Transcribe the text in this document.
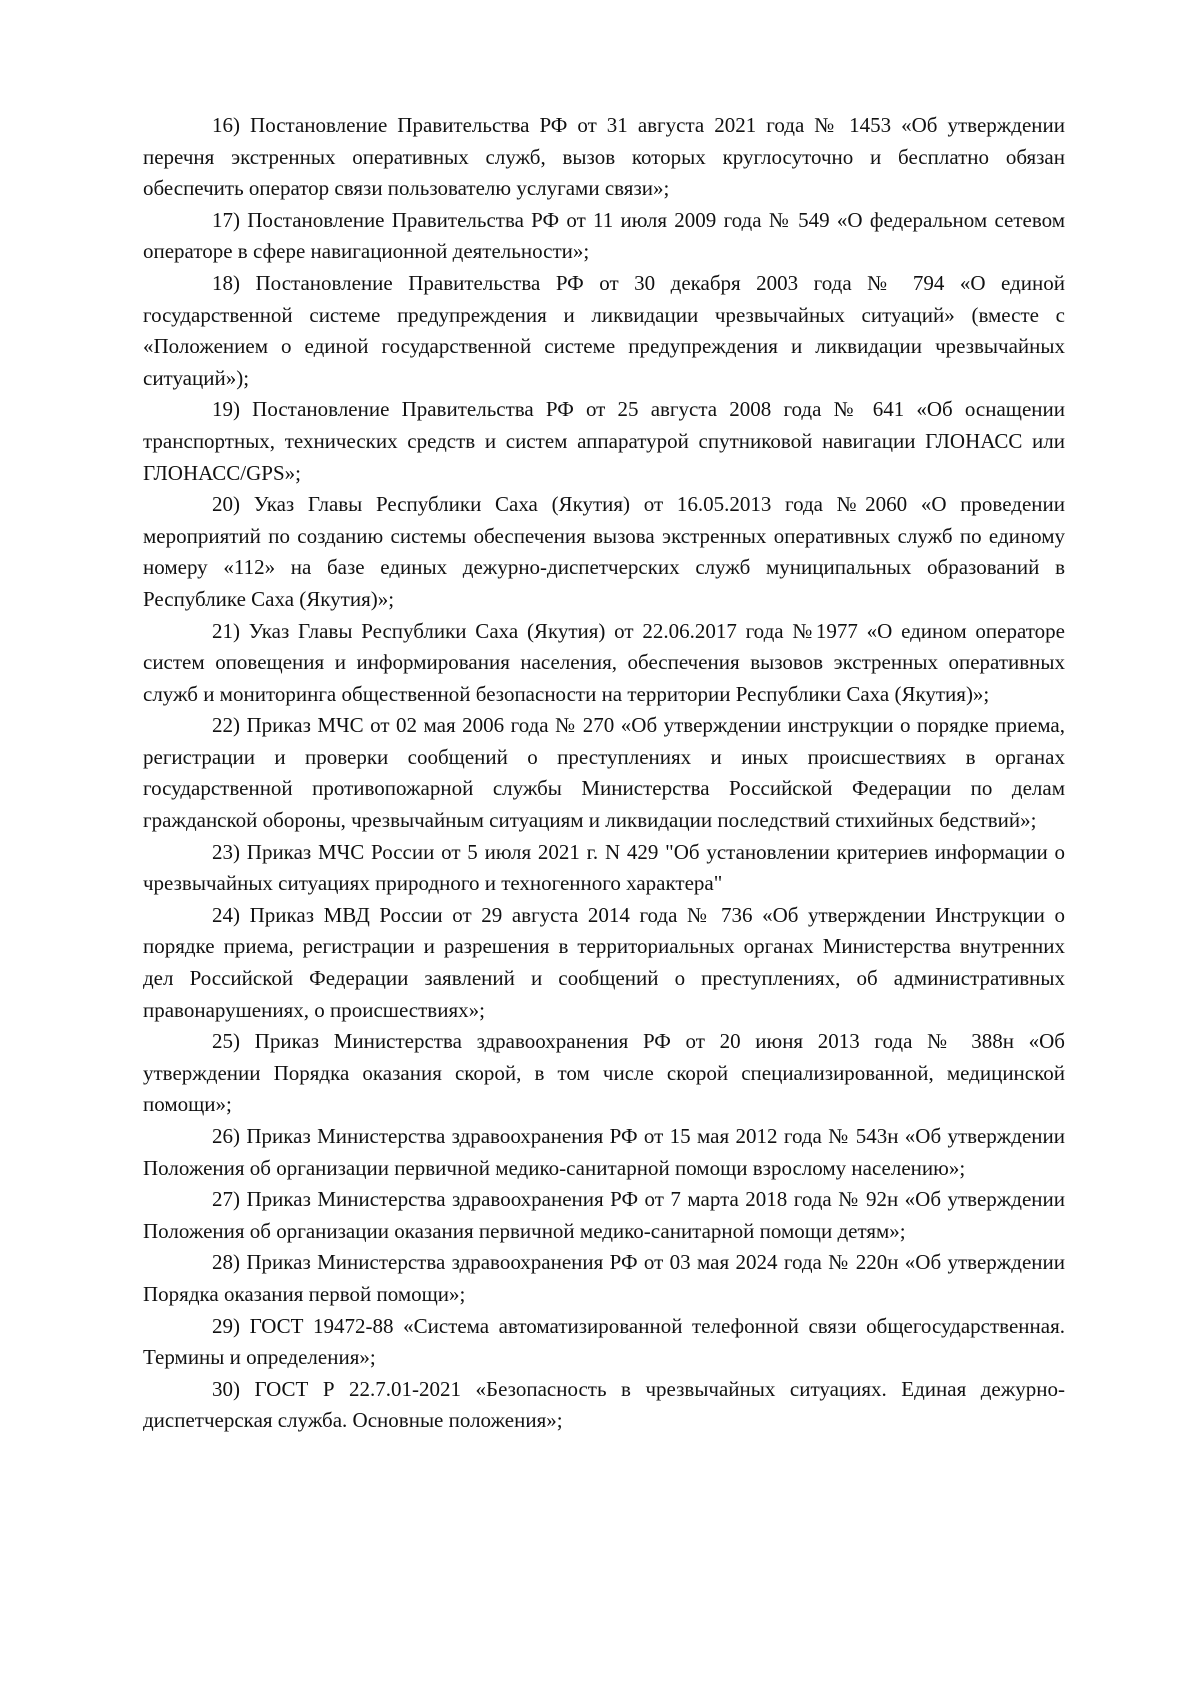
16) Постановление Правительства РФ от 31 августа 2021 года № 1453 «Об утверждении перечня экстренных оперативных служб, вызов которых круглосуточно и бесплатно обязан обеспечить оператор связи пользователю услугами связи»;

17) Постановление Правительства РФ от 11 июля 2009 года № 549 «О федеральном сетевом операторе в сфере навигационной деятельности»;

18) Постановление Правительства РФ от 30 декабря 2003 года № 794 «О единой государственной системе предупреждения и ликвидации чрезвычайных ситуаций» (вместе с «Положением о единой государственной системе предупреждения и ликвидации чрезвычайных ситуаций»);

19) Постановление Правительства РФ от 25 августа 2008 года № 641 «Об оснащении транспортных, технических средств и систем аппаратурой спутниковой навигации ГЛОНАСС или ГЛОНАСС/GPS»;

20) Указ Главы Республики Саха (Якутия) от 16.05.2013 года №2060 «О проведении мероприятий по созданию системы обеспечения вызова экстренных оперативных служб по единому номеру «112» на базе единых дежурно-диспетчерских служб муниципальных образований в Республике Саха (Якутия)»;

21) Указ Главы Республики Саха (Якутия) от 22.06.2017 года №1977 «О едином операторе систем оповещения и информирования населения, обеспечения вызовов экстренных оперативных служб и мониторинга общественной безопасности на территории Республики Саха (Якутия)»;

22) Приказ МЧС от 02 мая 2006 года № 270 «Об утверждении инструкции о порядке приема, регистрации и проверки сообщений о преступлениях и иных происшествиях в органах государственной противопожарной службы Министерства Российской Федерации по делам гражданской обороны, чрезвычайным ситуациям и ликвидации последствий стихийных бедствий»;

23) Приказ МЧС России от 5 июля 2021 г. N 429 "Об установлении критериев информации о чрезвычайных ситуациях природного и техногенного характера"

24) Приказ МВД России от 29 августа 2014 года № 736 «Об утверждении Инструкции о порядке приема, регистрации и разрешения в территориальных органах Министерства внутренних дел Российской Федерации заявлений и сообщений о преступлениях, об административных правонарушениях, о происшествиях»;

25) Приказ Министерства здравоохранения РФ от 20 июня 2013 года № 388н «Об утверждении Порядка оказания скорой, в том числе скорой специализированной, медицинской помощи»;

26) Приказ Министерства здравоохранения РФ от 15 мая 2012 года № 543н «Об утверждении Положения об организации первичной медико-санитарной помощи взрослому населению»;

27) Приказ Министерства здравоохранения РФ от 7 марта 2018 года № 92н «Об утверждении Положения об организации оказания первичной медико-санитарной помощи детям»;

28) Приказ Министерства здравоохранения РФ от 03 мая 2024 года № 220н «Об утверждении Порядка оказания первой помощи»;

29) ГОСТ 19472-88 «Система автоматизированной телефонной связи общегосударственная. Термины и определения»;

30) ГОСТ Р 22.7.01-2021 «Безопасность в чрезвычайных ситуациях. Единая дежурно-диспетчерская служба. Основные положения»;
